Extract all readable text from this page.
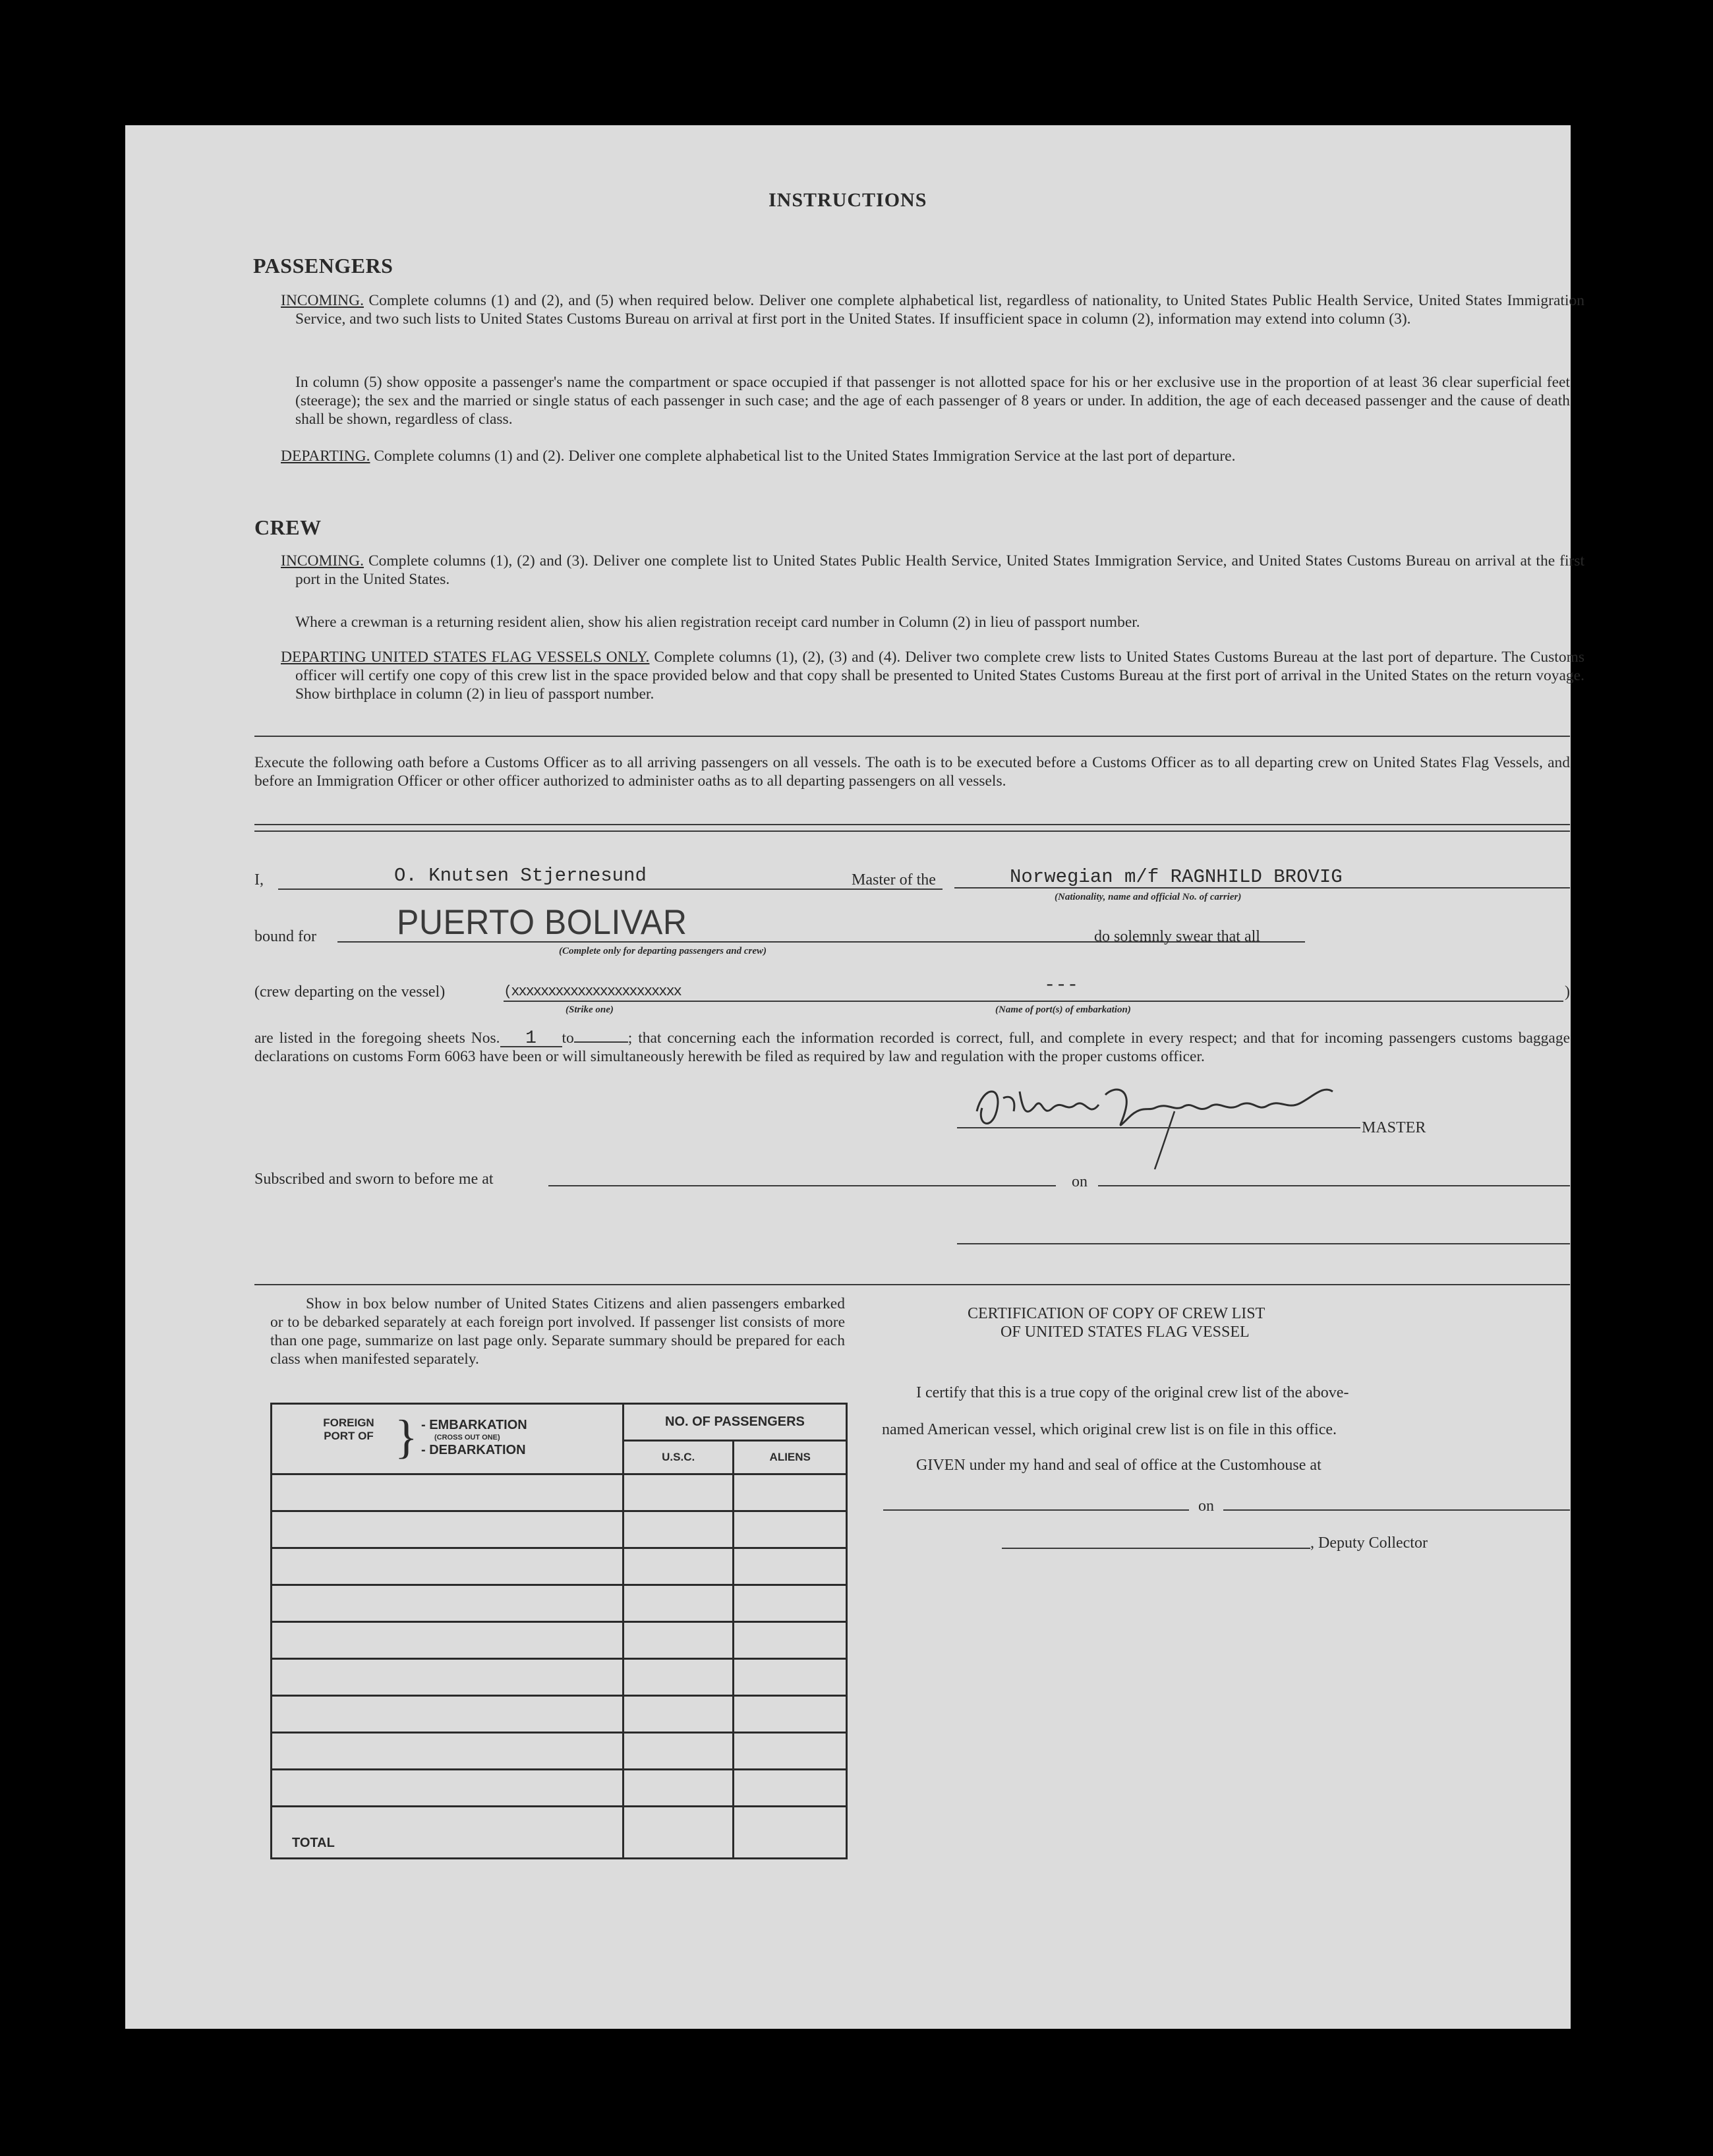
INSTRUCTIONS
PASSENGERS
INCOMING. Complete columns (1) and (2), and (5) when required below. Deliver one complete alphabetical list, regardless of nationality, to United States Public Health Service, United States Immigration Service, and two such lists to United States Customs Bureau on arrival at first port in the United States. If insufficient space in column (2), information may extend into column (3).
In column (5) show opposite a passenger's name the compartment or space occupied if that passenger is not allotted space for his or her exclusive use in the proportion of at least 36 clear superficial feet (steerage); the sex and the married or single status of each passenger in such case; and the age of each passenger of 8 years or under. In addition, the age of each deceased passenger and the cause of death shall be shown, regardless of class.
DEPARTING. Complete columns (1) and (2). Deliver one complete alphabetical list to the United States Immigration Service at the last port of departure.
CREW
INCOMING. Complete columns (1), (2) and (3). Deliver one complete list to United States Public Health Service, United States Immigration Service, and United States Customs Bureau on arrival at the first port in the United States.
Where a crewman is a returning resident alien, show his alien registration receipt card number in Column (2) in lieu of passport number.
DEPARTING UNITED STATES FLAG VESSELS ONLY. Complete columns (1), (2), (3) and (4). Deliver two complete crew lists to United States Customs Bureau at the last port of departure. The Customs officer will certify one copy of this crew list in the space provided below and that copy shall be presented to United States Customs Bureau at the first port of arrival in the United States on the return voyage. Show birthplace in column (2) in lieu of passport number.
Execute the following oath before a Customs Officer as to all arriving passengers on all vessels. The oath is to be executed before a Customs Officer as to all departing crew on United States Flag Vessels, and before an Immigration Officer or other officer authorized to administer oaths as to all departing passengers on all vessels.
I,	O. Knutsen Stjernesund	Master of the	Norwegian m/f RAGNHILD BROVIG
(Nationality, name and official No. of carrier)
bound for PUERTO BOLIVAR
(Complete only for departing passengers and crew)
do solemnly swear that all
(crew departing on the vessel)	(xxxxxxxxxxxxxxxxxxxxxxx
(Strike one)
---
(Name of port(s) of embarkation)
)
are listed in the foregoing sheets Nos. 1 to	; that concerning each the information recorded is correct, full, and complete in every respect; and that for incoming passengers customs baggage declarations on customs Form 6063 have been or will simultaneously herewith be filed as required by law and regulation with the proper customs officer.
.
MASTER
Subscribed and sworn to before me at	on
Show in box below number of United States Citizens and alien passengers embarked or to be debarked separately at each foreign port involved. If passenger list consists of more than one page, summarize on last page only. Separate summary should be prepared for each class when manifested separately.
FOREIGN PORT OF } - EMBARKATION
(CROSS OUT ONE)
- DEBARKATION	NO. OF PASSENGERS	
	U.S.C.	ALIENS

TOTAL		
CERTIFICATION OF COPY OF CREW LIST
OF UNITED STATES FLAG VESSEL
I certify that this is a true copy of the original crew list of the above-
named American vessel, which original crew list is on file in this office.
GIVEN under my hand and seal of office at the Customhouse at
on
, Deputy Collector
